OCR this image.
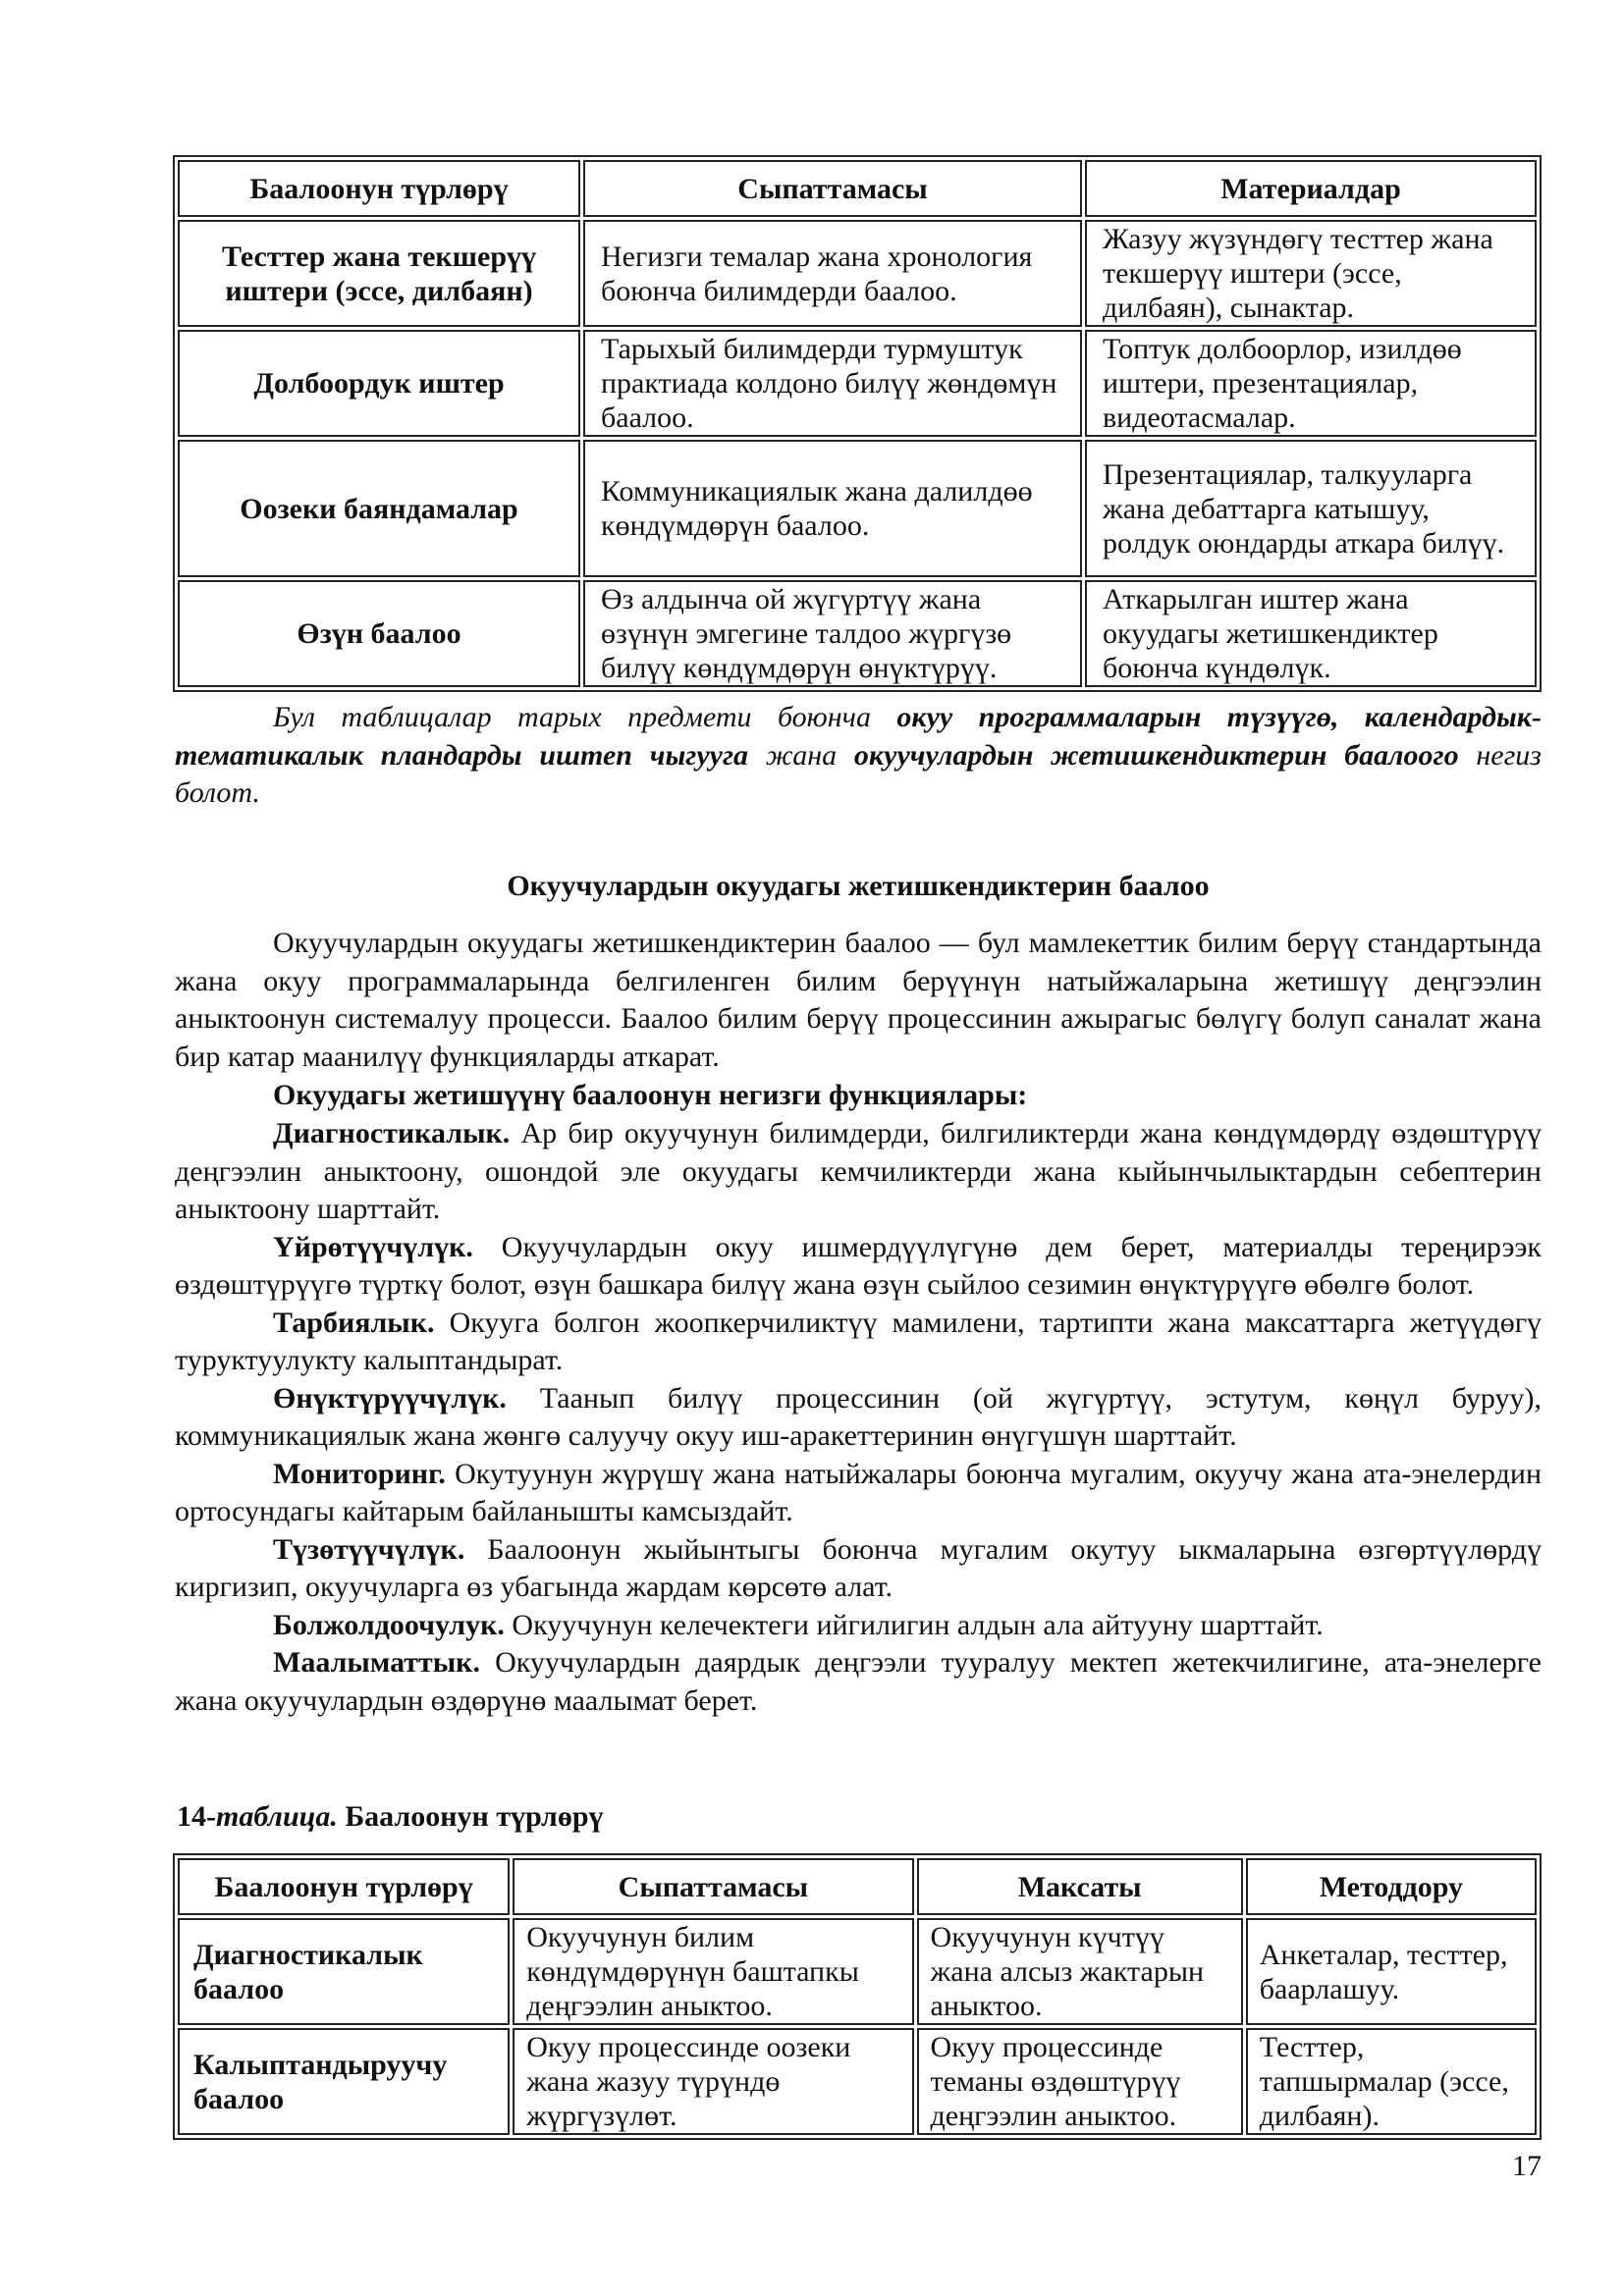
Баалоонун түрлөрү	Сыпаттамасы	Материалдар
Тесттер жана текшерүү иштери (эссе, дилбаян)	Негизги темалар жана хронология боюнча билимдерди баалоо.	Жазуу жүзүндөгү тесттер жана текшерүү иштери (эссе, дилбаян), сынактар.
Долбоордук иштер	Тарыхый билимдерди турмуштук практиада колдоно билүү жөндөмүн баалоо.	Топтук долбоорлор, изилдөө иштери, презентациялар, видеотасмалар.
Оозеки баяндамалар	Коммуникациялык жана далилдөө көндүмдөрүн баалоо.	Презентациялар, талкууларга жана дебаттарга катышуу, ролдук оюндарды аткара билүү.
Өзүн баалоо	Өз алдынча ой жүгүртүү жана өзүнүн эмгегине талдоо жүргүзө билүү көндүмдөрүн өнүктүрүү.	Аткарылган иштер жана окуудагы жетишкендиктер боюнча күндөлүк.

Бул таблицалар тарых предмети боюнча окуу программаларын түзүүгө, календардык-тематикалык пландарды иштеп чыгууга жана окуучулардын жетишкендиктерин баалоого негиз болот.

Окуучулардын окуудагы жетишкендиктерин баалоо

Окуучулардын окуудагы жетишкендиктерин баалоо — бул мамлекеттик билим берүү стандартында жана окуу программаларында белгиленген билим берүүнүн натыйжаларына жетишүү деңгээлин аныктоонун системалуу процесси. Баалоо билим берүү процессинин ажырагыс бөлүгү болуп саналат жана бир катар маанилүү функцияларды аткарат.

Окуудагы жетишүүнү баалоонун негизги функциялары:

Диагностикалык. Ар бир окуучунун билимдерди, билгиликтерди жана көндүмдөрдү өздөштүрүү деңгээлин аныктоону, ошондой эле окуудагы кемчиликтерди жана кыйынчылыктардын себептерин аныктоону шарттайт.

Үйрөтүүчүлүк. Окуучулардын окуу ишмердүүлүгүнө дем берет, материалды тереңирээк өздөштүрүүгө түрткү болот, өзүн башкара билүү жана өзүн сыйлоо сезимин өнүктүрүүгө өбөлгө болот.

Тарбиялык. Окууга болгон жоопкерчиликтүү мамилени, тартипти жана максаттарга жетүүдөгү туруктуулукту калыптандырат.

Өнүктүрүүчүлүк. Таанып билүү процессинин (ой жүгүртүү, эстутум, көңүл буруу), коммуникациялык жана жөнгө салуучу окуу иш-аракеттеринин өнүгүшүн шарттайт.

Мониторинг. Окутуунун жүрүшү жана натыйжалары боюнча мугалим, окуучу жана ата-энелердин ортосундагы кайтарым байланышты камсыздайт.

Түзөтүүчүлүк. Баалоонун жыйынтыгы боюнча мугалим окутуу ыкмаларына өзгөртүүлөрдү киргизип, окуучуларга өз убагында жардам көрсөтө алат.

Болжолдоочулук. Окуучунун келечектеги ийгилигин алдын ала айтууну шарттайт.

Маалыматтык. Окуучулардын даярдык деңгээли тууралуу мектеп жетекчилигине, ата-энелерге жана окуучулардын өздөрүнө маалымат берет.

14-таблица. Баалоонун түрлөрү
Баалоонун түрлөрү	Сыпаттамасы	Максаты	Методдору
Диагностикалык баалоо	Окуучунун билим көндүмдөрүнүн баштапкы деңгээлин аныктоо.	Окуучунун күчтүү жана алсыз жактарын аныктоо.	Анкеталар, тесттер, баарлашуу.
Калыптандыруучу баалоо	Окуу процессинде оозеки жана жазуу түрүндө жүргүзүлөт.	Окуу процессинде теманы өздөштүрүү деңгээлин аныктоо.	Тесттер, тапшырмалар (эссе, дилбаян).
17
